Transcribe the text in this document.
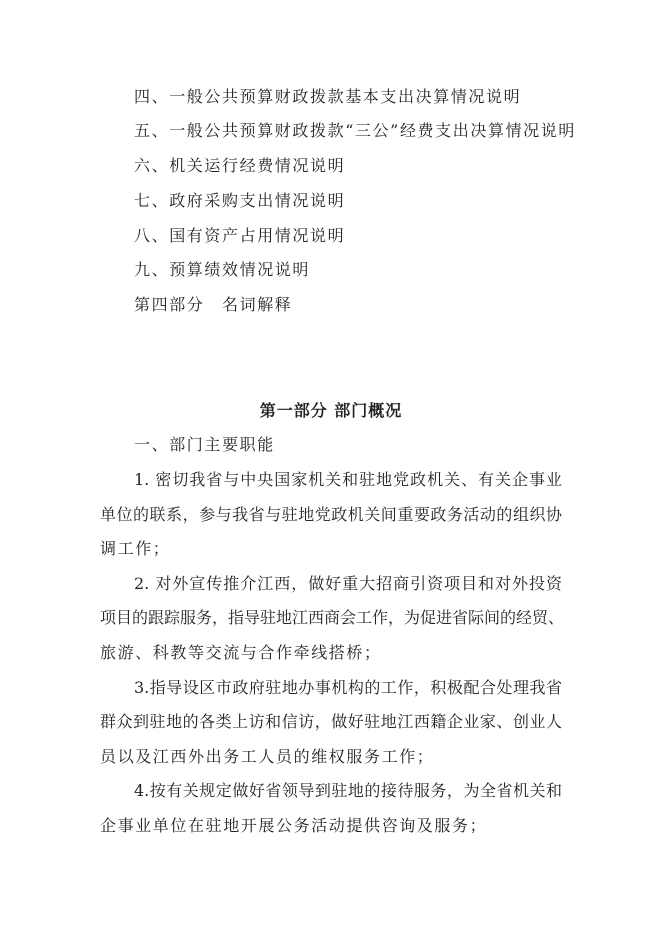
四、一般公共预算财政拨款基本支出决算情况说明
五、一般公共预算财政拨款“三公”经费支出决算情况说明
六、机关运行经费情况说明
七、政府采购支出情况说明
八、国有资产占用情况说明
九、预算绩效情况说明
第四部分　名词解释
第一部分 部门概况
一、部门主要职能
1. 密切我省与中央国家机关和驻地党政机关、有关企事业
单位的联系，参与我省与驻地党政机关间重要政务活动的组织协
调工作；
2. 对外宣传推介江西，做好重大招商引资项目和对外投资
项目的跟踪服务，指导驻地江西商会工作，为促进省际间的经贸、
旅游、科教等交流与合作牵线搭桥；
3.指导设区市政府驻地办事机构的工作，积极配合处理我省
群众到驻地的各类上访和信访，做好驻地江西籍企业家、创业人
员以及江西外出务工人员的维权服务工作；
4.按有关规定做好省领导到驻地的接待服务，为全省机关和
企事业单位在驻地开展公务活动提供咨询及服务；
